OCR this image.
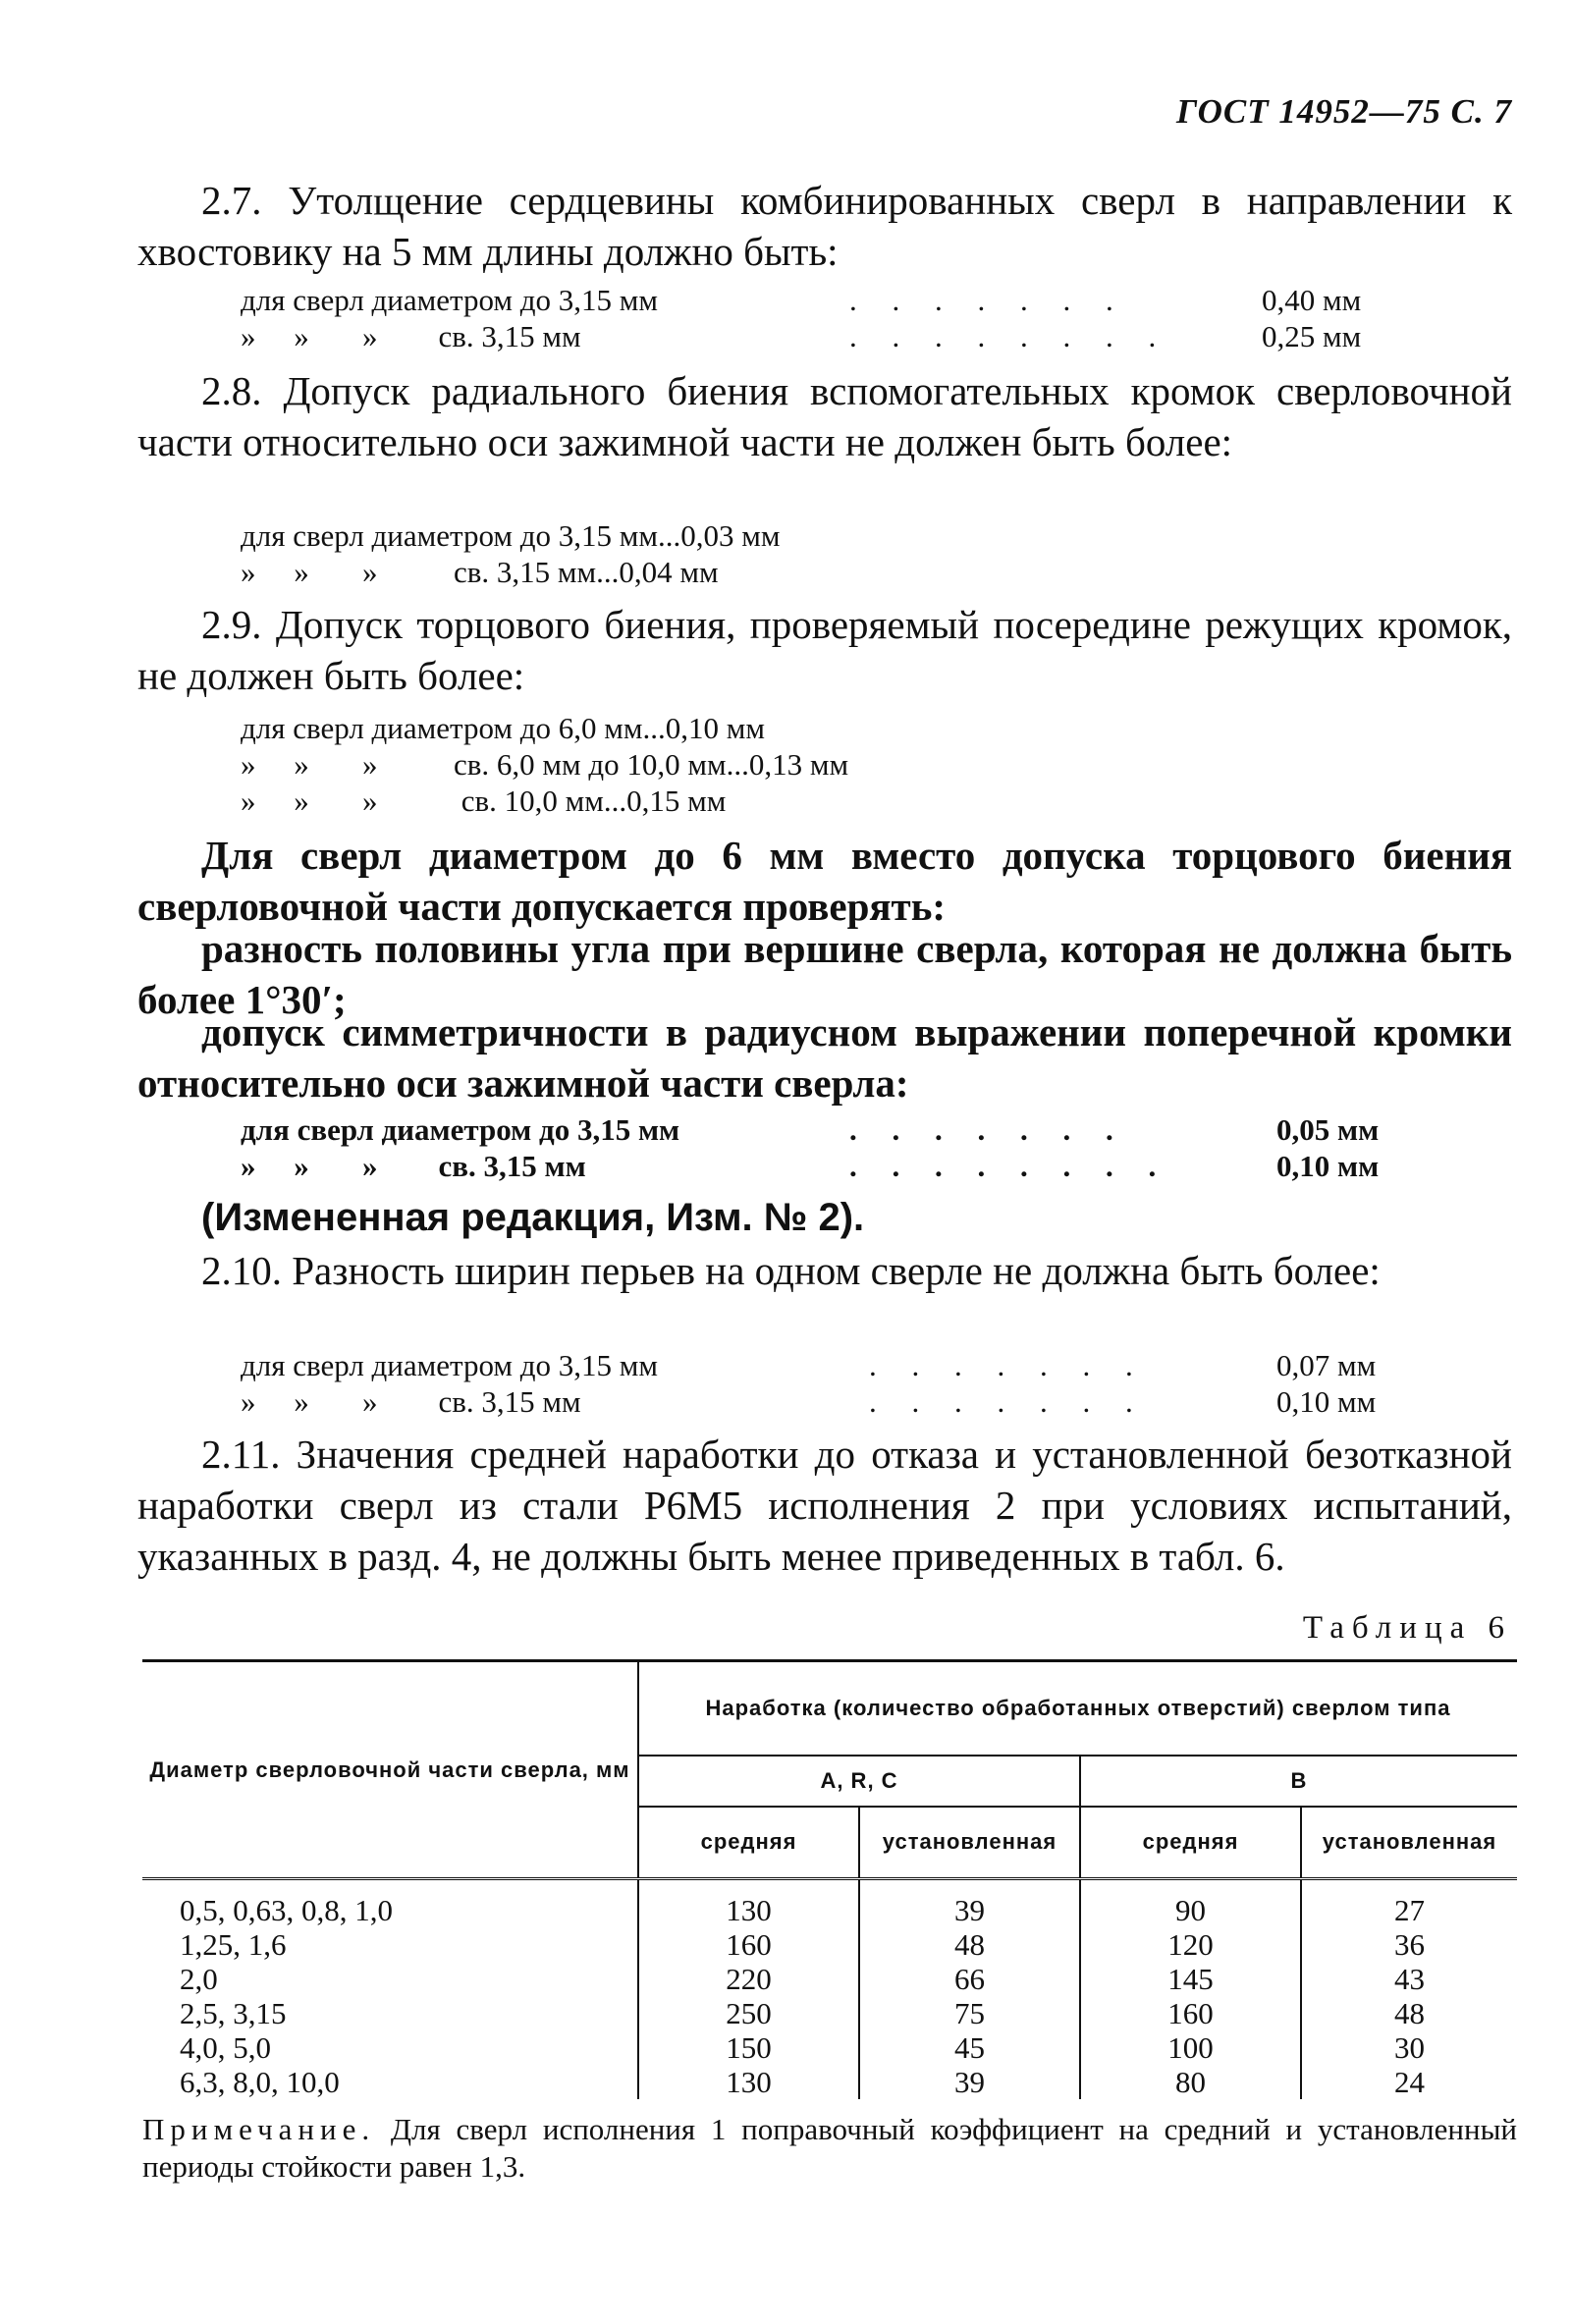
ГОСТ 14952—75 С. 7
2.7. Утолщение сердцевины комбинированных сверл в направлении к хвостовику на 5 мм длины должно быть:
для сверл диаметром до 3,15 мм	. . . . . . .	0,40 мм
»     »       »        св. 3,15 мм	. . . . . . . .	0,25 мм
2.8. Допуск радиального биения вспомогательных кромок сверловочной части относительно оси зажимной части не должен быть более:
для сверл диаметром до 3,15 мм...0,03 мм
»     »       »          св. 3,15 мм...0,04 мм
2.9. Допуск торцового биения, проверяемый посередине режущих кромок, не должен быть более:
для сверл диаметром до 6,0 мм...0,10 мм
»     »       »          св. 6,0 мм до 10,0 мм...0,13 мм
»     »       »           св. 10,0 мм...0,15 мм
Для сверл диаметром до 6 мм вместо допуска торцового биения сверловочной части допускается проверять:
разность половины угла при вершине сверла, которая не должна быть более 1°30′;
допуск симметричности в радиусном выражении поперечной кромки относительно оси зажимной части сверла:
для сверл диаметром до 3,15 мм	. . . . . . .	0,05 мм
»     »       »        св. 3,15 мм	. . . . . . . .	0,10 мм
(Измененная редакция, Изм. № 2).
2.10. Разность ширин перьев на одном сверле не должна быть более:
для сверл диаметром до 3,15 мм	. . . . . . .	0,07 мм
»     »       »        св. 3,15 мм	. . . . . . .	0,10 мм
2.11. Значения средней наработки до отказа и установленной безотказной наработки сверл из стали Р6М5 исполнения 2 при условиях испытаний, указанных в разд. 4, не должны быть менее приведенных в табл. 6.
Таблица 6
Диаметр сверловочной части сверла, мм	Наработка (количество обработанных отверстий) сверлом типа			
	A, R, C		B	
	средняя	установленная	средняя	установленная

0,5, 0,63, 0,8, 1,0	130	39	90	27
1,25, 1,6	160	48	120	36
2,0	220	66	145	43
2,5, 3,15	250	75	160	48
4,0, 5,0	150	45	100	30
6,3, 8,0, 10,0	130	39	80	24
Примечание. Для сверл исполнения 1 поправочный коэффициент на средний и установленный периоды стойкости равен 1,3.
